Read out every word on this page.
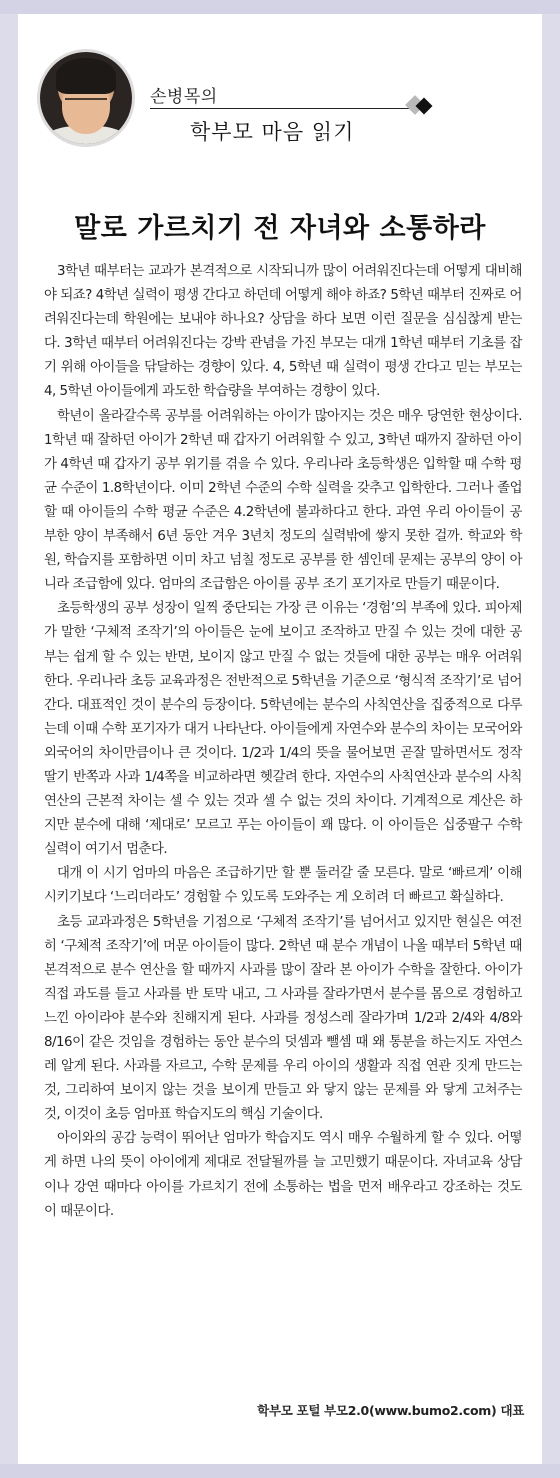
손병목의
학부모 마음 읽기
말로 가르치기 전 자녀와 소통하라

3학년 때부터는 교과가 본격적으로 시작되니까 많이 어려워진다는데 어떻게 대비해야 되죠? 4학년 실력이 평생 간다고 하던데 어떻게 해야 하죠? 5학년 때부터 진짜로 어려워진다는데 학원에는 보내야 하나요? 상담을 하다 보면 이런 질문을 심심찮게 받는다. 3학년 때부터 어려워진다는 강박 관념을 가진 부모는 대개 1학년 때부터 기초를 잡기 위해 아이들을 닦달하는 경향이 있다. 4, 5학년 때 실력이 평생 간다고 믿는 부모는 4, 5학년 아이들에게 과도한 학습량을 부여하는 경향이 있다.

학년이 올라갈수록 공부를 어려워하는 아이가 많아지는 것은 매우 당연한 현상이다. 1학년 때 잘하던 아이가 2학년 때 갑자기 어려워할 수 있고, 3학년 때까지 잘하던 아이가 4학년 때 갑자기 공부 위기를 겪을 수 있다. 우리나라 초등학생은 입학할 때 수학 평균 수준이 1.8학년이다. 이미 2학년 수준의 수학 실력을 갖추고 입학한다. 그러나 졸업할 때 아이들의 수학 평균 수준은 4.2학년에 불과하다고 한다. 과연 우리 아이들이 공부한 양이 부족해서 6년 동안 겨우 3년치 정도의 실력밖에 쌓지 못한 걸까. 학교와 학원, 학습지를 포함하면 이미 차고 넘칠 정도로 공부를 한 셈인데 문제는 공부의 양이 아니라 조급함에 있다. 엄마의 조급함은 아이를 공부 조기 포기자로 만들기 때문이다.

초등학생의 공부 성장이 일찍 중단되는 가장 큰 이유는 ‘경험’의 부족에 있다. 피아제가 말한 ‘구체적 조작기’의 아이들은 눈에 보이고 조작하고 만질 수 있는 것에 대한 공부는 쉽게 할 수 있는 반면, 보이지 않고 만질 수 없는 것들에 대한 공부는 매우 어려워한다. 우리나라 초등 교육과정은 전반적으로 5학년을 기준으로 ‘형식적 조작기’로 넘어간다. 대표적인 것이 분수의 등장이다. 5학년에는 분수의 사칙연산을 집중적으로 다루는데 이때 수학 포기자가 대거 나타난다. 아이들에게 자연수와 분수의 차이는 모국어와 외국어의 차이만큼이나 큰 것이다. 1/2과 1/4의 뜻을 물어보면 곧잘 말하면서도 정작 딸기 반쪽과 사과 1/4쪽을 비교하라면 헷갈려 한다. 자연수의 사칙연산과 분수의 사칙연산의 근본적 차이는 셀 수 있는 것과 셀 수 없는 것의 차이다. 기계적으로 계산은 하지만 분수에 대해 ‘제대로’ 모르고 푸는 아이들이 꽤 많다. 이 아이들은 십중팔구 수학 실력이 여기서 멈춘다.

대개 이 시기 엄마의 마음은 조급하기만 할 뿐 둘러갈 줄 모른다. 말로 ‘빠르게’ 이해시키기보다 ‘느리더라도’ 경험할 수 있도록 도와주는 게 오히려 더 빠르고 확실하다.

초등 교과과정은 5학년을 기점으로 ‘구체적 조작기’를 넘어서고 있지만 현실은 여전히 ‘구체적 조작기’에 머문 아이들이 많다. 2학년 때 분수 개념이 나올 때부터 5학년 때 본격적으로 분수 연산을 할 때까지 사과를 많이 잘라 본 아이가 수학을 잘한다. 아이가 직접 과도를 들고 사과를 반 토막 내고, 그 사과를 잘라가면서 분수를 몸으로 경험하고 느낀 아이라야 분수와 친해지게 된다. 사과를 정성스레 잘라가며 1/2과 2/4와 4/8와 8/16이 같은 것임을 경험하는 동안 분수의 덧셈과 뺄셈 때 왜 통분을 하는지도 자연스레 알게 된다. 사과를 자르고, 수학 문제를 우리 아이의 생활과 직접 연관 짓게 만드는 것, 그리하여 보이지 않는 것을 보이게 만들고 와 닿지 않는 문제를 와 닿게 고쳐주는 것, 이것이 초등 엄마표 학습지도의 핵심 기술이다.

아이와의 공감 능력이 뛰어난 엄마가 학습지도 역시 매우 수월하게 할 수 있다. 어떻게 하면 나의 뜻이 아이에게 제대로 전달될까를 늘 고민했기 때문이다. 자녀교육 상담이나 강연 때마다 아이를 가르치기 전에 소통하는 법을 먼저 배우라고 강조하는 것도 이 때문이다.

학부모 포털 부모2.0(www.bumo2.com) 대표
